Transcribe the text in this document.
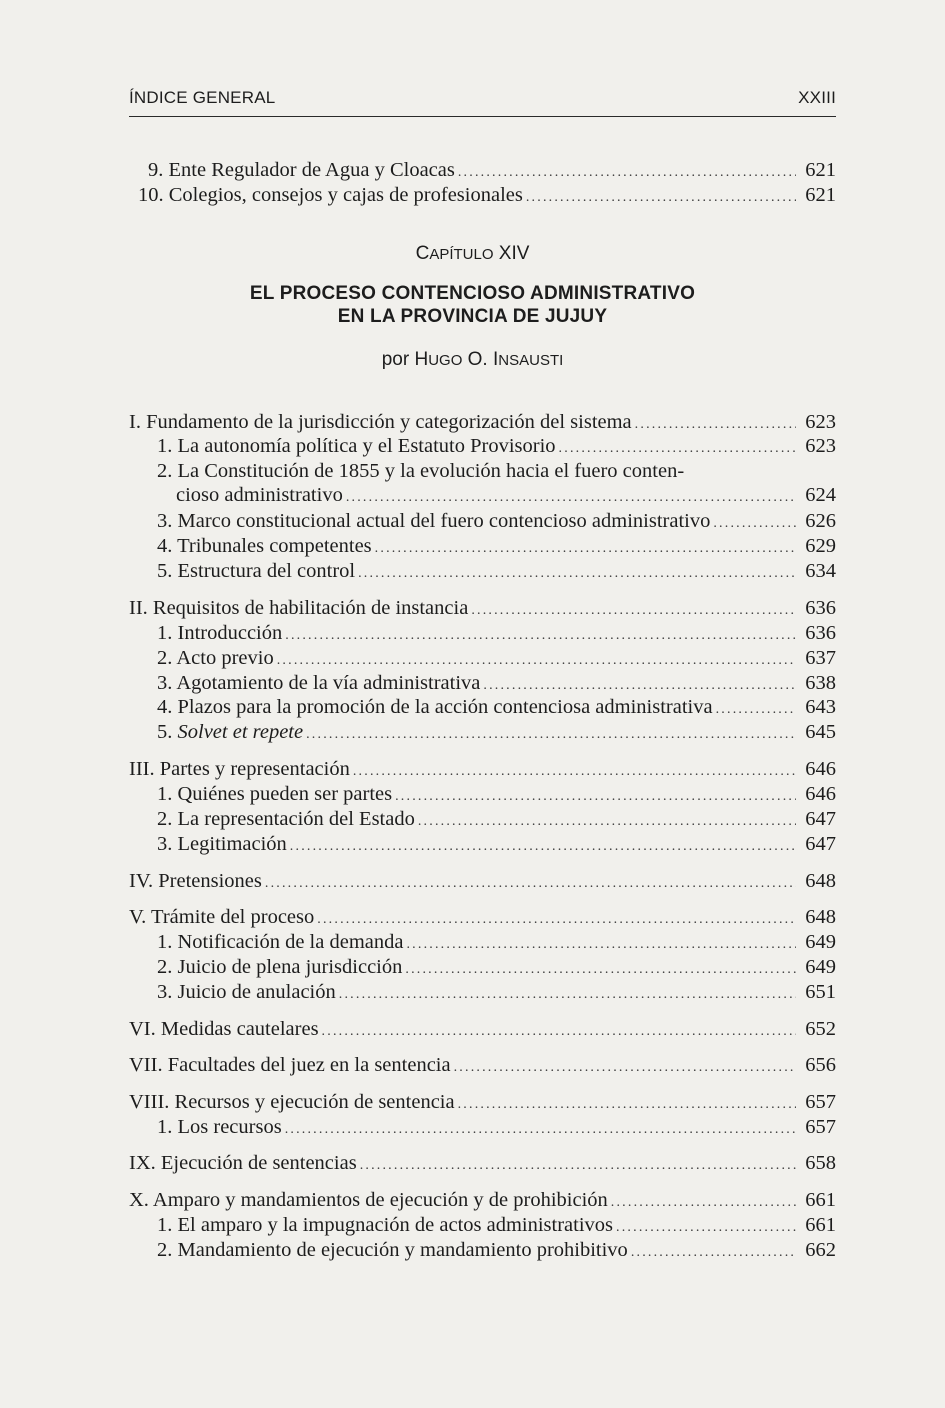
ÍNDICE GENERAL	XXIII
9. Ente Regulador de Agua y Cloacas .....	621
10. Colegios, consejos y cajas de profesionales .....	621
CAPÍTULO XIV
EL PROCESO CONTENCIOSO ADMINISTRATIVO
EN LA PROVINCIA DE JUJUY
por HUGO O. INSAUSTI
I. Fundamento de la jurisdicción y categorización del sistema .....	623
1. La autonomía política y el Estatuto Provisorio .....	623
2. La Constitución de 1855 y la evolución hacia el fuero conten-
cioso administrativo .....	624
3. Marco constitucional actual del fuero contencioso administrativo .....	626
4. Tribunales competentes .....	629
5. Estructura del control .....	634
II. Requisitos de habilitación de instancia .....	636
1. Introducción .....	636
2. Acto previo .....	637
3. Agotamiento de la vía administrativa .....	638
4. Plazos para la promoción de la acción contenciosa administrativa .....	643
5. Solvet et repete .....	645
III. Partes y representación .....	646
1. Quiénes pueden ser partes .....	646
2. La representación del Estado .....	647
3. Legitimación .....	647
IV. Pretensiones .....	648
V. Trámite del proceso .....	648
1. Notificación de la demanda .....	649
2. Juicio de plena jurisdicción .....	649
3. Juicio de anulación .....	651
VI. Medidas cautelares .....	652
VII. Facultades del juez en la sentencia .....	656
VIII. Recursos y ejecución de sentencia .....	657
1. Los recursos .....	657
IX. Ejecución de sentencias .....	658
X. Amparo y mandamientos de ejecución y de prohibición .....	661
1. El amparo y la impugnación de actos administrativos .....	661
2. Mandamiento de ejecución y mandamiento prohibitivo .....	662
